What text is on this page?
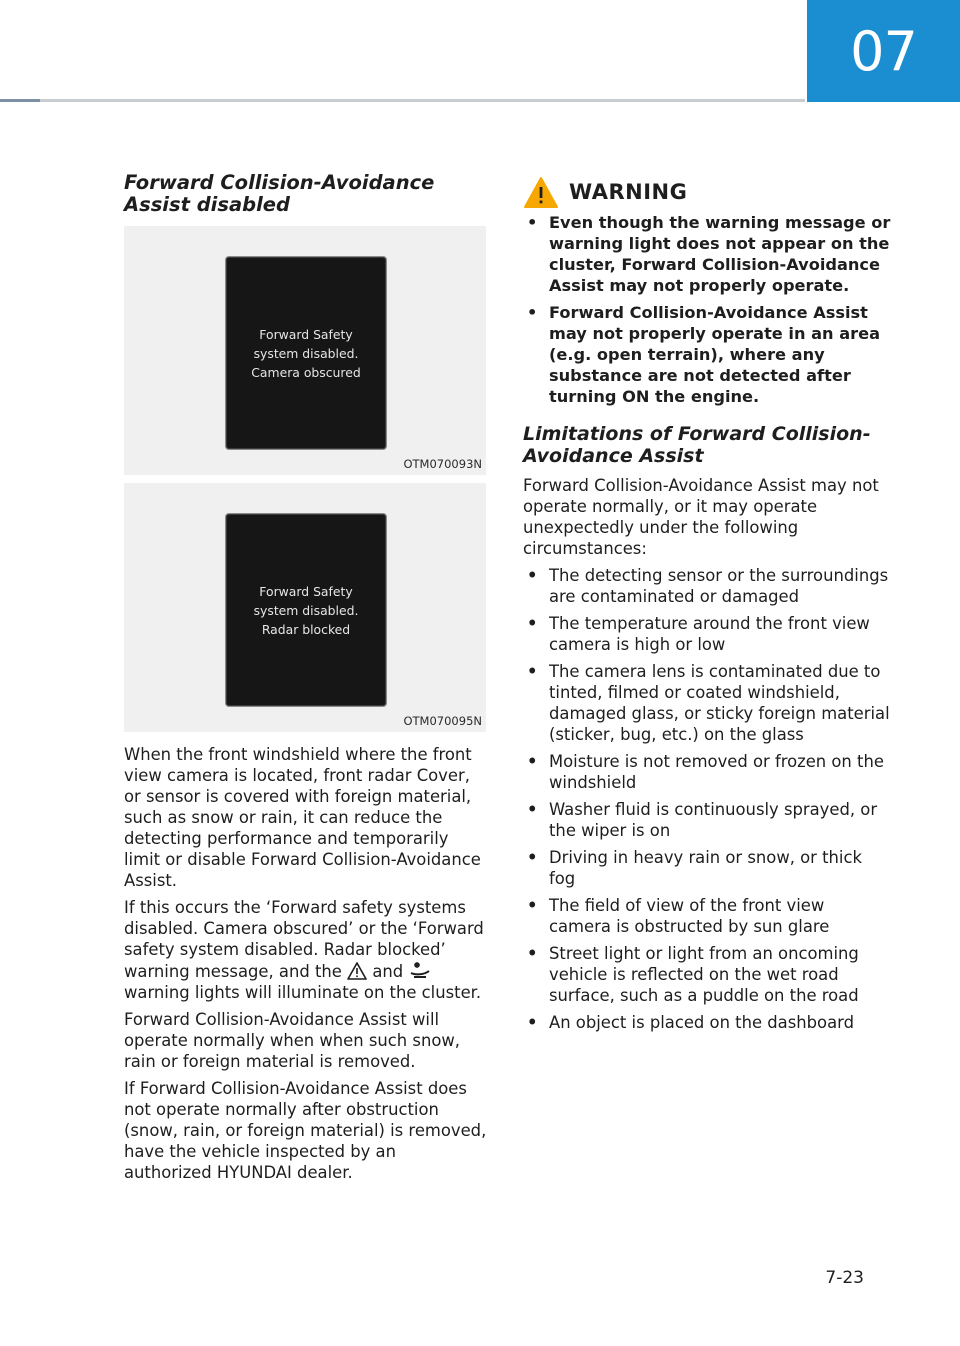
07
Forward Collision-Avoidance Assist disabled
Forward Safety
system disabled.
Camera obscured
OTM070093N
Forward Safety
system disabled.
Radar blocked
OTM070095N

When the front windshield where the front view camera is located, front radar Cover, or sensor is covered with foreign material, such as snow or rain, it can reduce the detecting performance and temporarily limit or disable Forward Collision-Avoidance Assist.

If this occurs the ‘Forward safety systems disabled. Camera obscured’ or the ‘Forward safety system disabled. Radar blocked’ warning message, and the and  warning lights will illuminate on the cluster.

Forward Collision-Avoidance Assist will operate normally when when such snow, rain or foreign material is removed.

If Forward Collision-Avoidance Assist does not operate normally after obstruction (snow, rain, or foreign material) is removed, have the vehicle inspected by an authorized HYUNDAI dealer.

WARNING
• Even though the warning message or warning light does not appear on the cluster, Forward Collision-Avoidance Assist may not properly operate.
• Forward Collision-Avoidance Assist may not properly operate in an area (e.g. open terrain), where any substance are not detected after turning ON the engine.
Limitations of Forward Collision-Avoidance Assist

Forward Collision-Avoidance Assist may not operate normally, or it may operate unexpectedly under the following circumstances:

• The detecting sensor or the surroundings are contaminated or damaged
• The temperature around the front view camera is high or low
• The camera lens is contaminated due to tinted, filmed or coated windshield, damaged glass, or sticky foreign material (sticker, bug, etc.) on the glass
• Moisture is not removed or frozen on the windshield
• Washer fluid is continuously sprayed, or the wiper is on
• Driving in heavy rain or snow, or thick fog
• The field of view of the front view camera is obstructed by sun glare
• Street light or light from an oncoming vehicle is reflected on the wet road surface, such as a puddle on the road
• An object is placed on the dashboard
7-23
